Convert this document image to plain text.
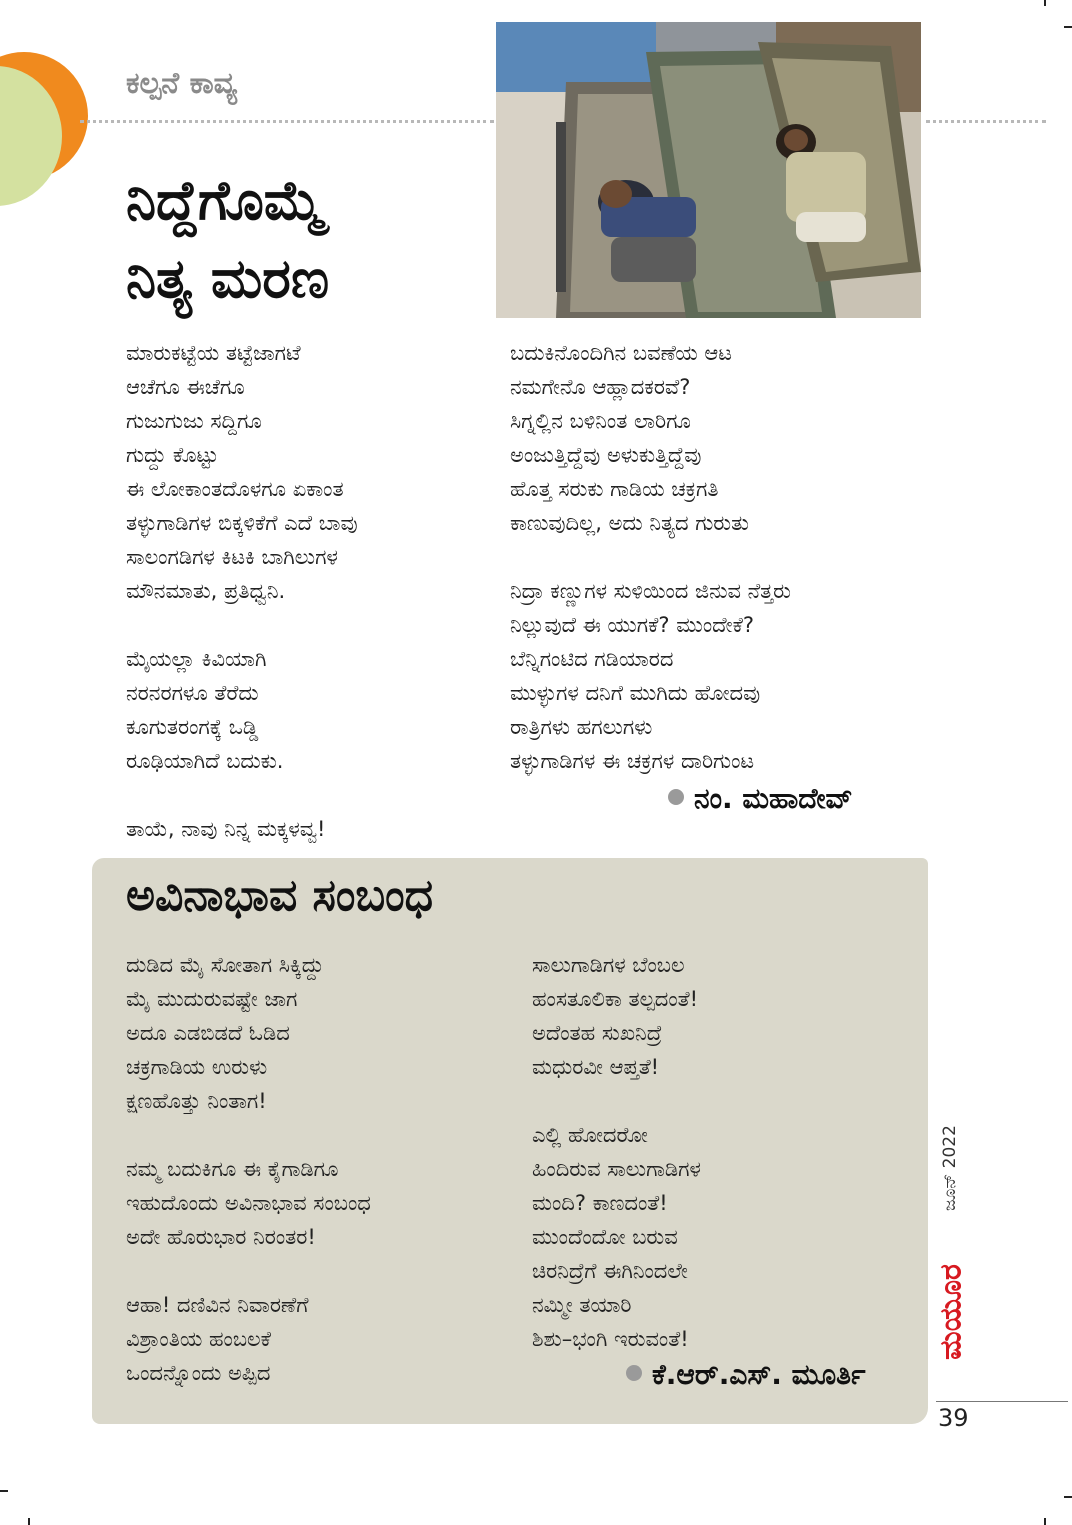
ಕಲ್ಪನೆ ಕಾವ್ಯ
ನಿದ್ದೆಗೊಮ್ಮೆ
ನಿತ್ಯ ಮರಣ
ಮಾರುಕಟ್ಟೆಯ ತಟ್ಟೆಜಾಗಟೆ
ಆಚೆಗೂ ಈಚೆಗೂ
ಗುಜುಗುಜು ಸದ್ದಿಗೂ
ಗುದ್ದು ಕೊಟ್ಟು
ಈ ಲೋಕಾಂತದೊಳಗೂ ಏಕಾಂತ
ತಳ್ಳುಗಾಡಿಗಳ ಬಿಕ್ಕಳಿಕೆಗೆ ಎದೆ ಬಾವು
ಸಾಲಂಗಡಿಗಳ ಕಿಟಕಿ ಬಾಗಿಲುಗಳ
ಮೌನಮಾತು, ಪ್ರತಿಧ್ವನಿ.

ಮೈಯಲ್ಲಾ ಕಿವಿಯಾಗಿ
ನರನರಗಳೂ ತೆರೆದು
ಕೂಗುತರಂಗಕ್ಕೆ ಒಡ್ಡಿ
ರೂಢಿಯಾಗಿದೆ ಬದುಕು.

ತಾಯೆ, ನಾವು ನಿನ್ನ ಮಕ್ಕಳವ್ವ!
ಬದುಕಿನೊಂದಿಗಿನ ಬವಣೆಯ ಆಟ
ನಮಗೇನೊ ಆಹ್ಲಾದಕರವೆ?
ಸಿಗ್ನಲ್ಲಿನ ಬಳಿನಿಂತ ಲಾರಿಗೂ
ಅಂಜುತ್ತಿದ್ದೆವು ಅಳುಕುತ್ತಿದ್ದೆವು
ಹೊತ್ತ ಸರುಕು ಗಾಡಿಯ ಚಕ್ರಗತಿ
ಕಾಣುವುದಿಲ್ಲ, ಅದು ನಿತ್ಯದ ಗುರುತು

ನಿದ್ರಾ ಕಣ್ಣುಗಳ ಸುಳಿಯಿಂದ ಜಿನುವ ನೆತ್ತರು
ನಿಲ್ಲುವುದೆ ಈ ಯುಗಕೆ? ಮುಂದೇಕೆ?
ಬೆನ್ನಿಗಂಟಿದ ಗಡಿಯಾರದ
ಮುಳ್ಳುಗಳ ದನಿಗೆ ಮುಗಿದು ಹೋದವು
ರಾತ್ರಿಗಳು ಹಗಲುಗಳು
ತಳ್ಳುಗಾಡಿಗಳ ಈ ಚಕ್ರಗಳ ದಾರಿಗುಂಟ
ನಂ. ಮಹಾದೇವ್
ಅವಿನಾಭಾವ ಸಂಬಂಧ
ದುಡಿದ ಮೈ ಸೋತಾಗ ಸಿಕ್ಕಿದ್ದು
ಮೈ ಮುದುರುವಷ್ಟೇ ಜಾಗ
ಅದೂ ಎಡಬಿಡದೆ ಓಡಿದ
ಚಕ್ರಗಾಡಿಯ ಉರುಳು
ಕ್ಷಣಹೊತ್ತು ನಿಂತಾಗ!

ನಮ್ಮ ಬದುಕಿಗೂ ಈ ಕೈಗಾಡಿಗೂ
ಇಹುದೊಂದು ಅವಿನಾಭಾವ ಸಂಬಂಧ
ಅದೇ ಹೊರುಭಾರ ನಿರಂತರ!

ಆಹಾ! ದಣಿವಿನ ನಿವಾರಣೆಗೆ
ವಿಶ್ರಾಂತಿಯ ಹಂಬಲಕೆ
ಒಂದನ್ನೊಂದು ಅಪ್ಪಿದ
ಸಾಲುಗಾಡಿಗಳ ಬೆಂಬಲ
ಹಂಸತೂಲಿಕಾ ತಲ್ಪದಂತೆ!
ಅದೆಂತಹ ಸುಖನಿದ್ರೆ
ಮಧುರವೀ ಆಪ್ತತೆ!

ಎಲ್ಲಿ ಹೋದರೋ
ಹಿಂದಿರುವ ಸಾಲುಗಾಡಿಗಳ
ಮಂದಿ? ಕಾಣದಂತೆ!
ಮುಂದೆಂದೋ ಬರುವ
ಚಿರನಿದ್ರೆಗೆ ಈಗಿನಿಂದಲೇ
ನಮ್ಮೀ ತಯಾರಿ
ಶಿಶು–ಭಂಗಿ ಇರುವಂತೆ!
ಕೆ.ಆರ್.ಎಸ್. ಮೂರ್ತಿ
ಜೂನ್ 2022
ಮಯೂರ
39
